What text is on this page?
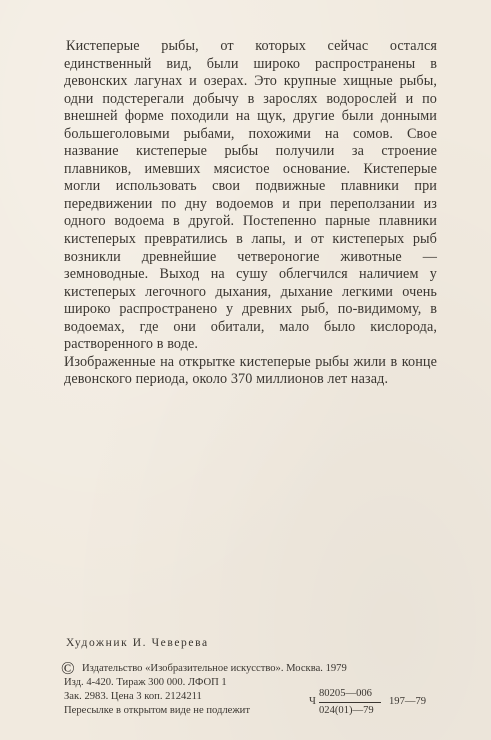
Кистеперые рыбы, от которых сейчас остался единственный вид, были широко распространены в девонских лагунах и озерах. Это крупные хищные рыбы, одни подстерегали добычу в зарослях водорослей и по внешней форме походили на щук, другие были донными большеголовыми рыбами, похожими на сомов. Свое название кистеперые рыбы получили за строение плавников, имевших мясистое основание. Кистеперые могли использовать свои подвижные плавники при передвижении по дну водоемов и при переползании из одного водоема в другой. Постепенно парные плавники кистеперых превратились в лапы, и от кистеперых рыб возникли древнейшие четвероногие животные — земноводные. Выход на сушу облегчился наличием у кистеперых легочного дыхания, дыхание легкими очень широко распространено у древних рыб, по-видимому, в водоемах, где они обитали, мало было кислорода, растворенного в воде.

Изображенные на открытке кистеперые рыбы жили в конце девонского периода, около 370 миллионов лет назад.

Художник И. Чеверева
© Издательство «Изобразительное искусство». Москва. 1979
Изд. 4-420. Тираж 300 000. ЛФОП 1
Зак. 2983. Цена 3 коп. 2124211
Пересылке в открытом виде не подлежит
Ч
80205—006
024(01)—79
197—79
